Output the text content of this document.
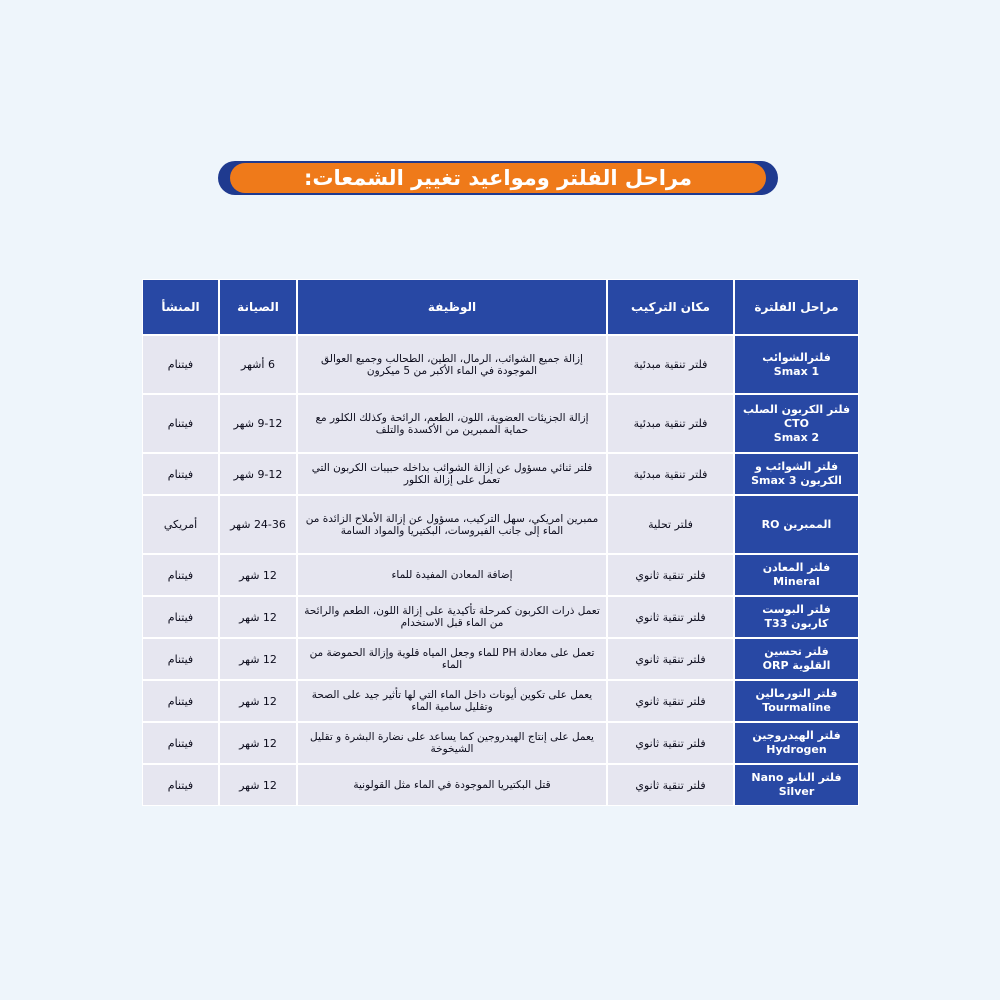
مراحل الفلتر ومواعيد تغيير الشمعات:
مراحل الفلترة	مكان التركيب	الوظيفة	الصيانة	المنشأ

فلترالشوائب
Smax 1	فلتر تنقية مبدئية	إزالة جميع الشوائب، الرمال، الطين، الطحالب وجميع العوالق الموجودة في الماء الأكبر من 5 ميكرون	6 أشهر	فيتنام

فلتر الكربون الصلب CTO
Smax 2	فلتر تنقية مبدئية	إزالة الجزيئات العضوية، اللون، الطعم، الرائحة وكذلك الكلور مع حماية الممبرين من الأكسدة والتلف	9-12 شهر	فيتنام

فلتر الشوائب و
الكربون Smax 3	فلتر تنقية مبدئية	فلتر ثنائي مسؤول عن إزالة الشوائب بداخله حبيبات الكربون التي تعمل على إزالة الكلور	9-12 شهر	فيتنام

الممبرين RO	فلتر تحلية	ممبرين امريكي، سهل التركيب، مسؤول عن إزالة الأملاح الزائدة من الماء إلى جانب الفيروسات، البكتيريا والمواد السامة	24-36 شهر	أمريكي

فلتر المعادن
Mineral	فلتر تنقية ثانوي	إضافة المعادن المفيدة للماء	12 شهر	فيتنام

فلتر البوست
كاربون T33	فلتر تنقية ثانوي	تعمل ذرات الكربون كمرحلة تأكيدية على إزالة اللون، الطعم والرائحة من الماء قبل الاستخدام	12 شهر	فيتنام

فلتر تحسين
القلوية ORP	فلتر تنقية ثانوي	تعمل على معادلة PH للماء وجعل المياه قلوية وإزالة الحموضة من الماء	12 شهر	فيتنام

فلتر التورمالين
Tourmaline	فلتر تنقية ثانوي	يعمل على تكوين أيونات داخل الماء التي لها تأثير جيد على الصحة وتقليل سامية الماء	12 شهر	فيتنام

فلتر الهيدروجين
Hydrogen	فلتر تنقية ثانوي	يعمل على إنتاج الهيدروجين كما يساعد على نضارة البشرة و تقليل الشيخوخة	12 شهر	فيتنام

فلتر النانو Nano
Silver	فلتر تنقية ثانوي	قتل البكتيريا الموجودة في الماء مثل القولونية	12 شهر	فيتنام
